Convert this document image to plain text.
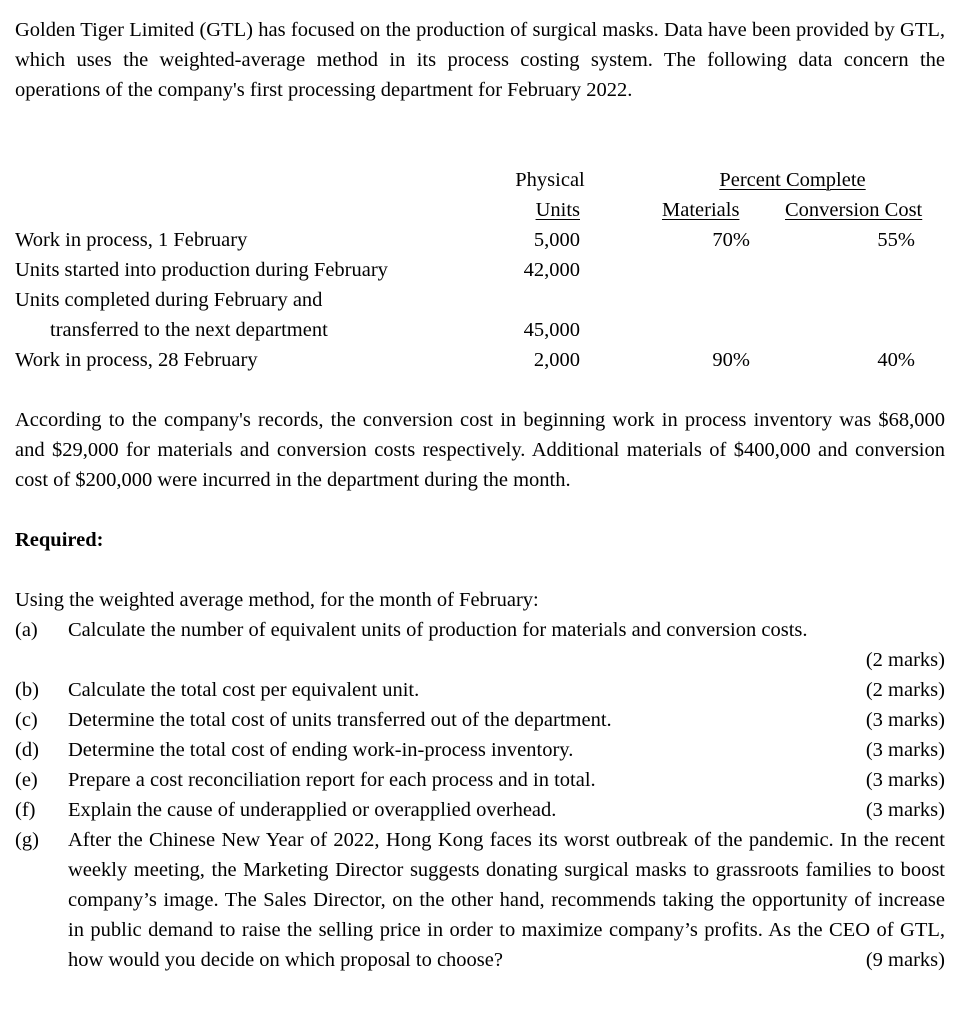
Golden Tiger Limited (GTL) has focused on the production of surgical masks. Data have been provided by GTL, which uses the weighted-average method in its process costing system. The following data concern the operations of the company's first processing department for February 2022.
Physical
Units
Percent Complete
Materials Conversion Cost
Work in process, 1 February	5,000	70%	55%
Units started into production during February	42,000
Units completed during February and
transferred to the next department	45,000
Work in process, 28 February	2,000	90%	40%
According to the company's records, the conversion cost in beginning work in process inventory was $68,000 and $29,000 for materials and conversion costs respectively. Additional materials of $400,000 and conversion cost of $200,000 were incurred in the department during the month.
Required:
Using the weighted average method, for the month of February:
(a)	Calculate the number of equivalent units of production for materials and conversion costs.
(2 marks)
(b)	Calculate the total cost per equivalent unit.	(2 marks)
(c)	Determine the total cost of units transferred out of the department.	(3 marks)
(d)	Determine the total cost of ending work-in-process inventory.	(3 marks)
(e)	Prepare a cost reconciliation report for each process and in total.	(3 marks)
(f)	Explain the cause of underapplied or overapplied overhead.	(3 marks)
(g)	After the Chinese New Year of 2022, Hong Kong faces its worst outbreak of the pandemic. In the recent weekly meeting, the Marketing Director suggests donating surgical masks to grassroots families to boost company’s image. The Sales Director, on the other hand, recommends taking the opportunity of increase in public demand to raise the selling price in order to maximize company’s profits. As the CEO of GTL, how would you decide on which proposal to choose?	(9 marks)
